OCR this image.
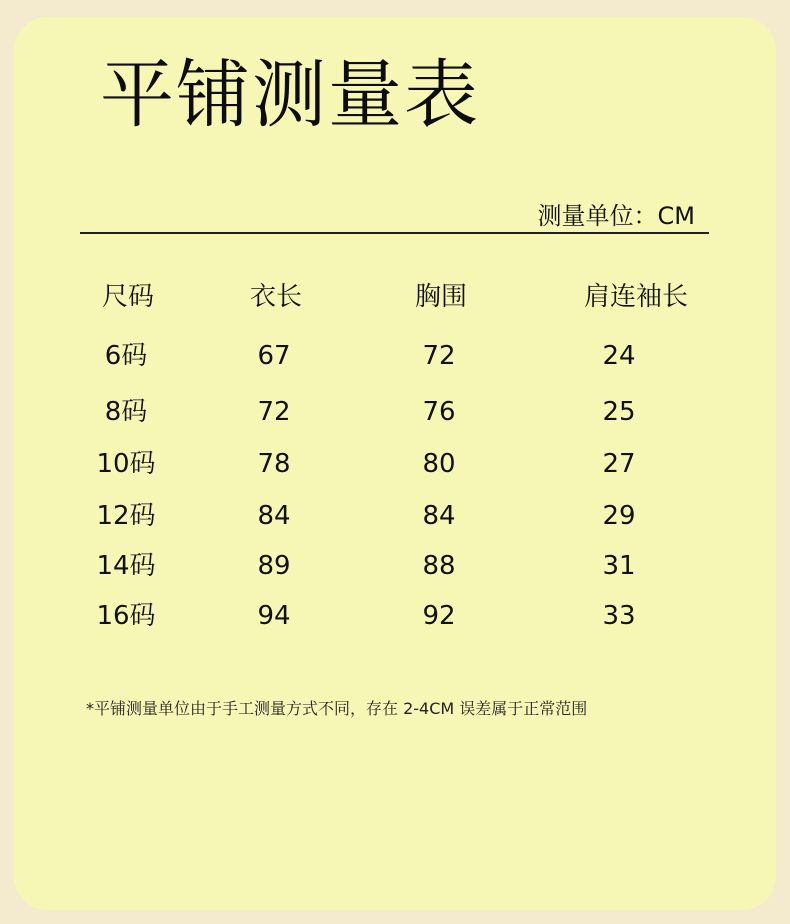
平铺测量表
测量单位：CM
尺码	衣长	胸围	肩连袖长
6码	67	72	24
8码	72	76	25
10码	78	80	27
12码	84	84	29
14码	89	88	31
16码	94	92	33
*平铺测量单位由于手工测量方式不同，存在 2-4CM 误差属于正常范围
